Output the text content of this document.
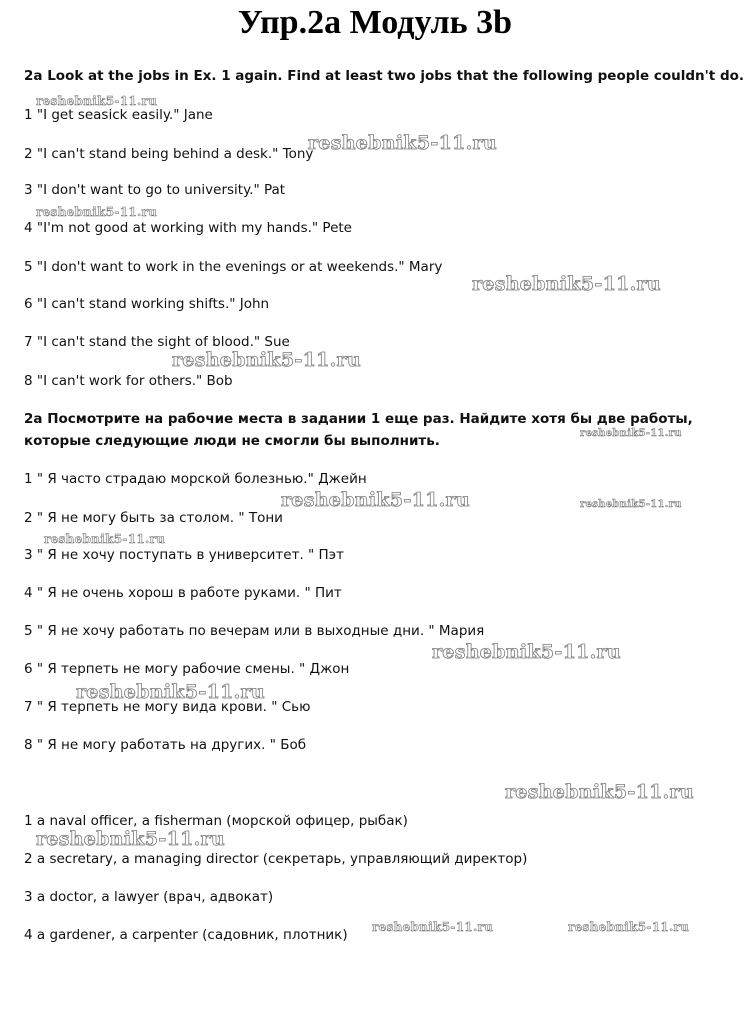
Упр.2а Модуль 3b
2a Look at the jobs in Ex. 1 again. Find at least two jobs that the following people couldn't do.
1 "I get seasick easily." Jane
2 "I can't stand being behind a desk." Tony
3 "I don't want to go to university." Pat
4 "I'm not good at working with my hands." Pete
5 "I don't want to work in the evenings or at weekends." Mary
6 "I can't stand working shifts." John
7 "I can't stand the sight of blood." Sue
8 "I can't work for others." Bob
2a Посмотрите на рабочие места в задании 1 еще раз. Найдите хотя бы две работы, которые следующие люди не смогли бы выполнить.
1 " Я часто страдаю морской болезнью." Джейн
2 " Я не могу быть за столом. " Тони
3 " Я не хочу поступать в университет. " Пэт
4 " Я не очень хорош в работе руками. " Пит
5 " Я не хочу работать по вечерам или в выходные дни. " Мария
6 " Я терпеть не могу рабочие смены. " Джон
7 " Я терпеть не могу вида крови. " Сью
8 " Я не могу работать на других. " Боб
1 a naval officer, a fisherman (морской офицер, рыбак)
2 a secretary, a managing director (секретарь, управляющий директор)
3 a doctor, a lawyer (врач, адвокат)
4 a gardener, a carpenter (садовник, плотник)
reshebnik5-11.ru
reshebnik5-11.ru
reshebnik5-11.ru
reshebnik5-11.ru
reshebnik5-11.ru
reshebnik5-11.ru
reshebnik5-11.ru	reshebnik5-11.ru
reshebnik5-11.ru
reshebnik5-11.ru
reshebnik5-11.ru
reshebnik5-11.ru
reshebnik5-11.ru
reshebnik5-11.ru	reshebnik5-11.ru
